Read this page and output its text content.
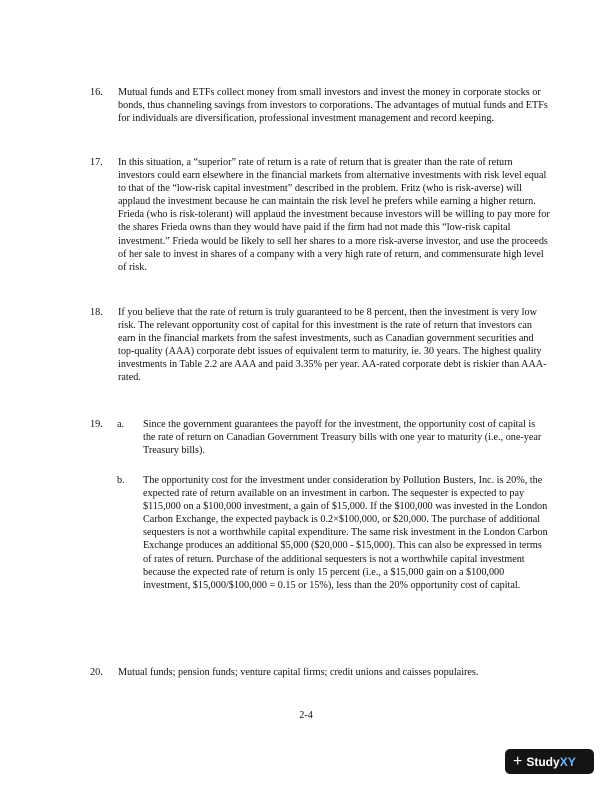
16. Mutual funds and ETFs collect money from small investors and invest the money in corporate stocks or bonds, thus channeling savings from investors to corporations. The advantages of mutual funds and ETFs for individuals are diversification, professional investment management and record keeping.
17. In this situation, a “superior” rate of return is a rate of return that is greater than the rate of return investors could earn elsewhere in the financial markets from alternative investments with risk level equal to that of the “low-risk capital investment” described in the problem. Fritz (who is risk-averse) will applaud the investment because he can maintain the risk level he prefers while earning a higher return. Frieda (who is risk-tolerant) will applaud the investment because investors will be willing to pay more for the shares Frieda owns than they would have paid if the firm had not made this “low-risk capital investment.” Frieda would be likely to sell her shares to a more risk-averse investor, and use the proceeds of her sale to invest in shares of a company with a very high rate of return, and commensurate high level of risk.
18. If you believe that the rate of return is truly guaranteed to be 8 percent, then the investment is very low risk. The relevant opportunity cost of capital for this investment is the rate of return that investors can earn in the financial markets from the safest investments, such as Canadian government securities and top-quality (AAA) corporate debt issues of equivalent term to maturity, ie. 30 years. The highest quality investments in Table 2.2 are AAA and paid 3.35% per year. AA-rated corporate debt is riskier than AAA-rated.
19. a. Since the government guarantees the payoff for the investment, the opportunity cost of capital is the rate of return on Canadian Government Treasury bills with one year to maturity (i.e., one-year Treasury bills).
b. The opportunity cost for the investment under consideration by Pollution Busters, Inc. is 20%, the expected rate of return available on an investment in carbon. The sequester is expected to pay $115,000 on a $100,000 investment, a gain of $15,000. If the $100,000 was invested in the London Carbon Exchange, the expected payback is 0.2×$100,000, or $20,000. The purchase of additional sequesters is not a worthwhile capital expenditure. The same risk investment in the London Carbon Exchange produces an additional $5,000 ($20,000 - $15,000). This can also be expressed in terms of rates of return. Purchase of the additional sequesters is not a worthwhile capital investment because the expected rate of return is only 15 percent (i.e., a $15,000 gain on a $100,000 investment, $15,000/$100,000 = 0.15 or 15%), less than the 20% opportunity cost of capital.
20. Mutual funds; pension funds; venture capital firms; credit unions and caisses populaires.
2-4
+ Study XY
